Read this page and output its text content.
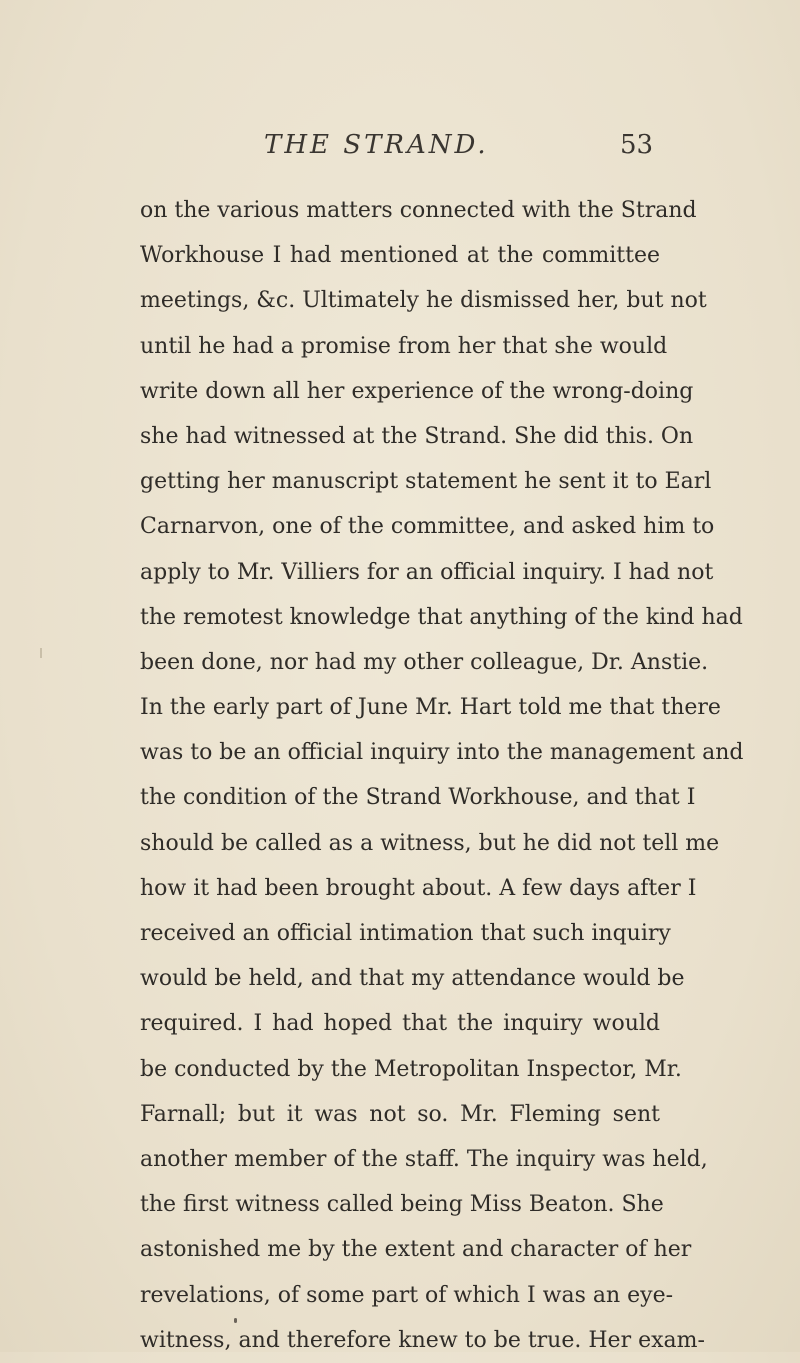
THE STRAND.	53
on the various matters connected with the Strand
Workhouse I had mentioned at the committee
meetings, &c. Ultimately he dismissed her, but not
until he had a promise from her that she would
write down all her experience of the wrong-doing
she had witnessed at the Strand. She did this. On
getting her manuscript statement he sent it to Earl
Carnarvon, one of the committee, and asked him to
apply to Mr. Villiers for an official inquiry. I had not
the remotest knowledge that anything of the kind had
been done, nor had my other colleague, Dr. Anstie.
In the early part of June Mr. Hart told me that there
was to be an official inquiry into the management and
the condition of the Strand Workhouse, and that I
should be called as a witness, but he did not tell me
how it had been brought about. A few days after I
received an official intimation that such inquiry
would be held, and that my attendance would be
required. I had hoped that the inquiry would
be conducted by the Metropolitan Inspector, Mr.
Farnall; but it was not so. Mr. Fleming sent
another member of the staff. The inquiry was held,
the first witness called being Miss Beaton. She
astonished me by the extent and character of her
revelations, of some part of which I was an eye-
witness, and therefore knew to be true. Her exam-
